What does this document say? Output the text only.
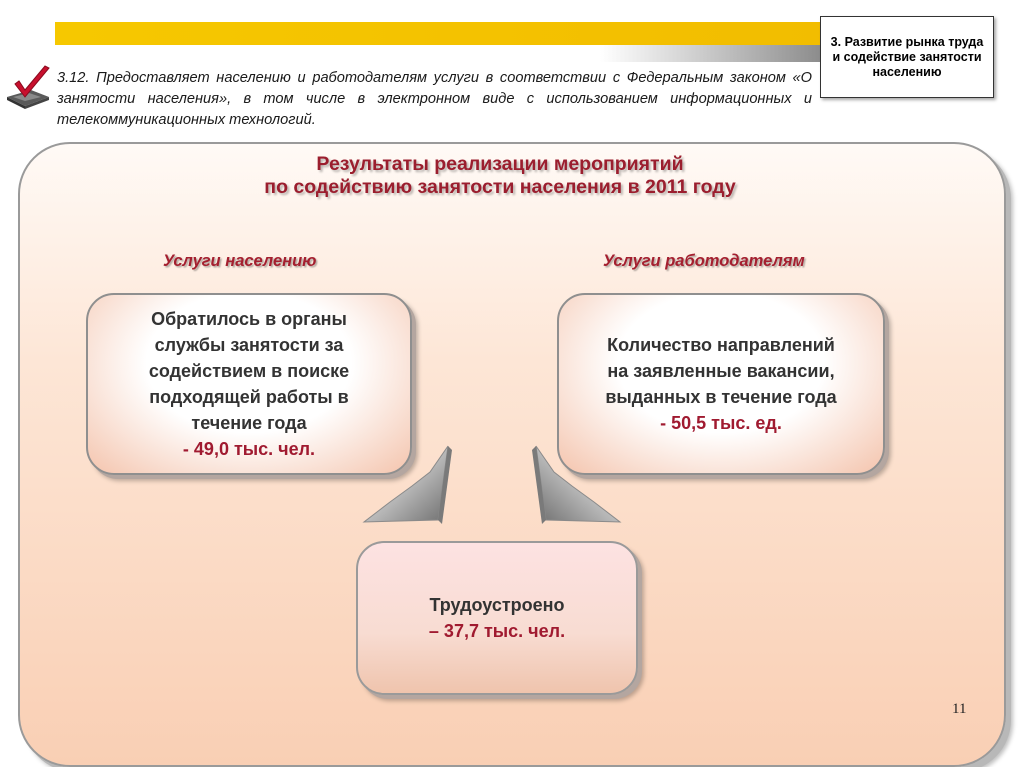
3. Развитие рынка труда и содействие занятости населению
3.12. Предоставляет населению и работодателям услуги в соответствии с Федеральным законом «О занятости населения», в том числе в электронном виде с использованием информационных и телекоммуникационных технологий.
Результаты реализации мероприятий
по содействию занятости населения в 2011 году
Услуги населению	Услуги работодателям
Обратилось в органы
службы занятости за
содействием в поиске
подходящей работы в
течение года
- 49,0 тыс. чел.
Количество направлений
на заявленные вакансии,
выданных в течение года
- 50,5 тыс. ед.
Трудоустроено
– 37,7 тыс. чел.
11
